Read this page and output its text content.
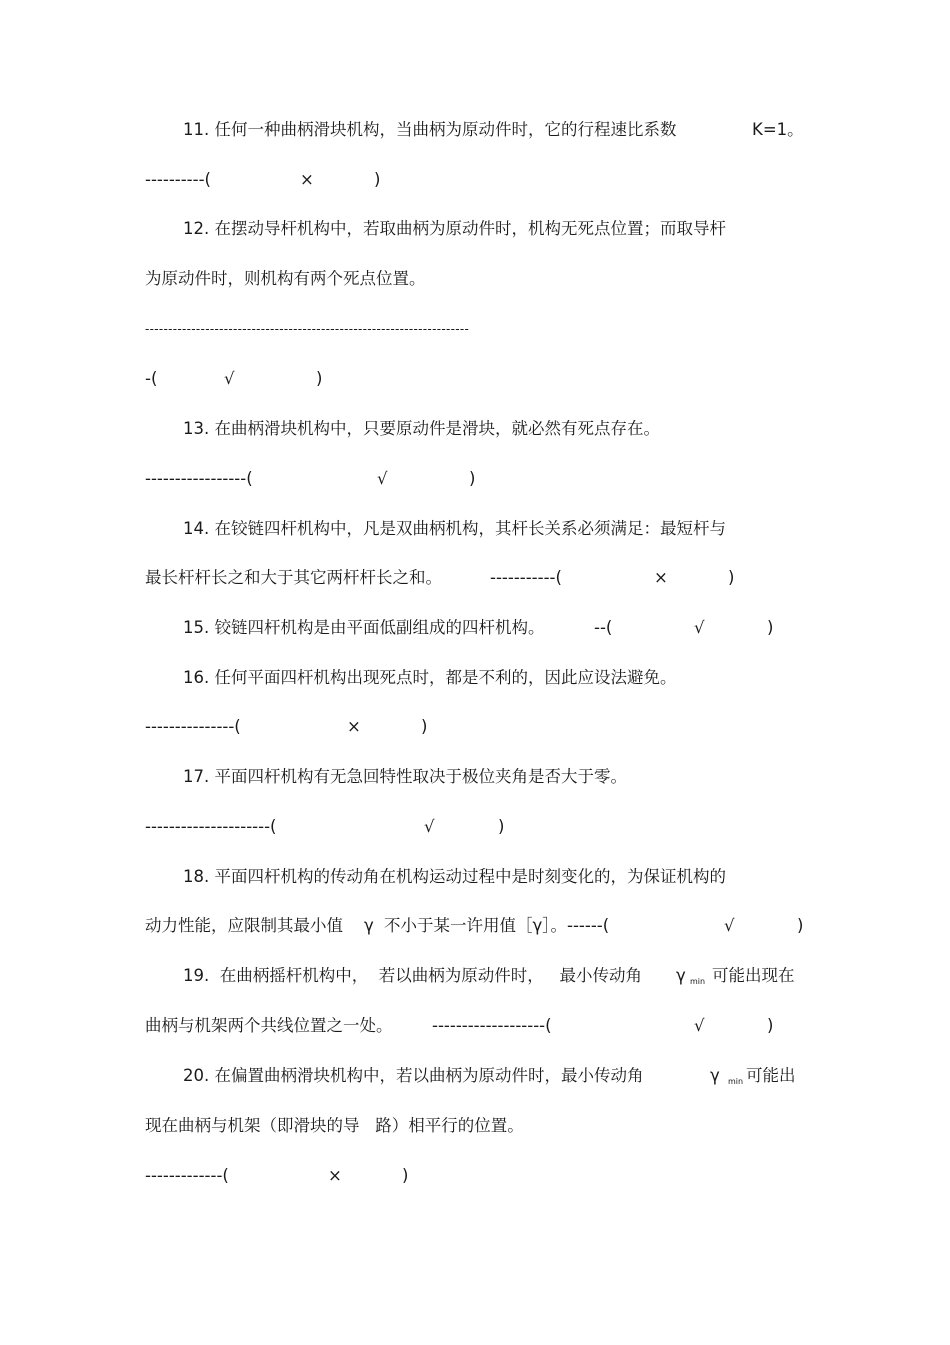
11. 任何一种曲柄滑块机构，当曲柄为原动件时，它的行程速比系数	K=1。
----------(	×	)
12. 在摆动导杆机构中，若取曲柄为原动件时，机构无死点位置；而取导杆
为原动件时，则机构有两个死点位置。
----------------------------------------------------------------------
-(	√	)
13. 在曲柄滑块机构中，只要原动件是滑块，就必然有死点存在。
-----------------(	√	)
14. 在铰链四杆机构中，凡是双曲柄机构，其杆长关系必须满足：最短杆与
最长杆杆长之和大于其它两杆杆长之和。	-----------(	×	)
15. 铰链四杆机构是由平面低副组成的四杆机构。	--(	√	)
16. 任何平面四杆机构出现死点时，都是不利的，因此应设法避免。
---------------(	×	)
17. 平面四杆机构有无急回特性取决于极位夹角是否大于零。
---------------------(	√	)
18. 平面四杆机构的传动角在机构运动过程中是时刻变化的，为保证机构的
动力性能，应限制其最小值 γ 不小于某一许用值［γ］。------(	√	)
19.  在曲柄摇杆机构中，  若以曲柄为原动件时，   最小传动角 γ min 可能出现在
曲柄与机架两个共线位置之一处。 -------------------(	√	)
20. 在偏置曲柄滑块机构中，若以曲柄为原动件时，最小传动角	γ min 可能出
现在曲柄与机架（即滑块的导   路）相平行的位置。
-------------(	×	)
